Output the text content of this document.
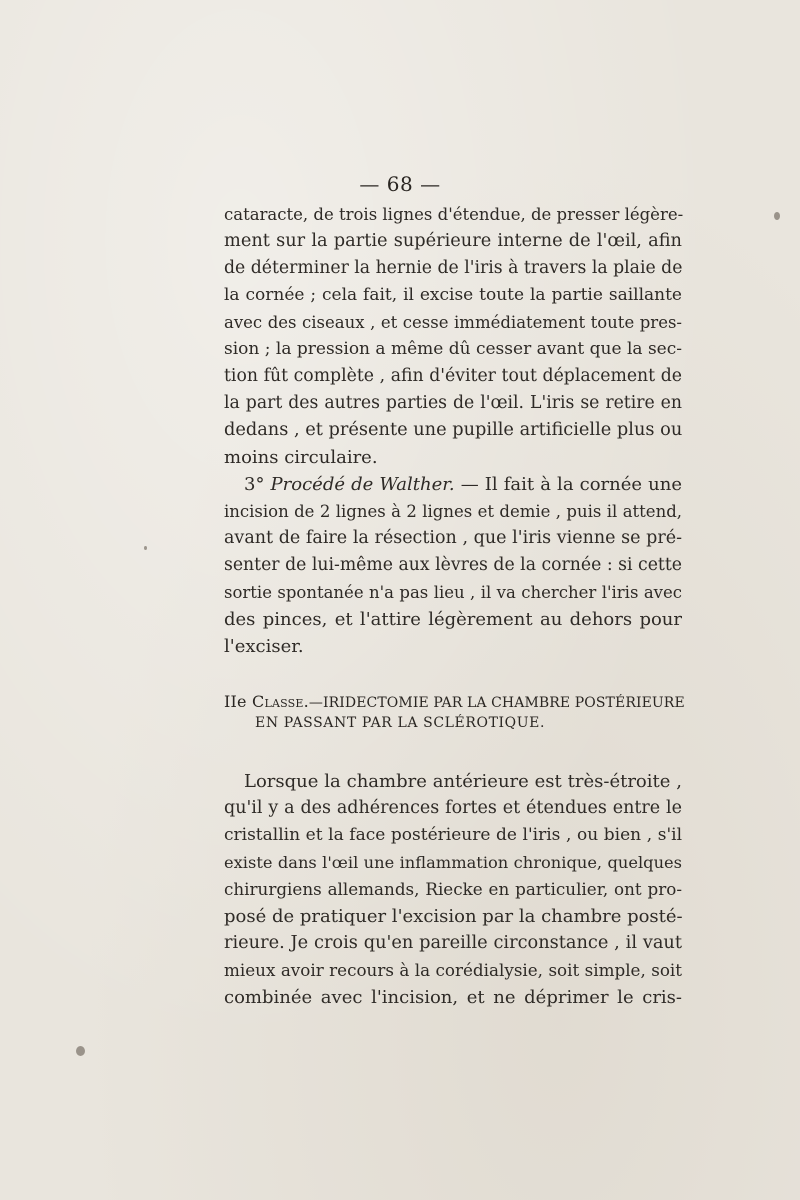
— 68 —
cataracte, de trois lignes d'étendue, de presser légère-
ment sur la partie supérieure interne de l'œil, afin
de déterminer la hernie de l'iris à travers la plaie de
la cornée ; cela fait, il excise toute la partie saillante
avec des ciseaux , et cesse immédiatement toute pres-
sion ; la pression a même dû cesser avant que la sec-
tion fût complète , afin d'éviter tout déplacement de
la part des autres parties de l'œil. L'iris se retire en
dedans , et présente une pupille artificielle plus ou
moins circulaire.
3° Procédé de Walther. — Il fait à la cornée une
incision de 2 lignes à 2 lignes et demie , puis il attend,
avant de faire la résection , que l'iris vienne se pré-
senter de lui-même aux lèvres de la cornée : si cette
sortie spontanée n'a pas lieu , il va chercher l'iris avec
des pinces, et l'attire légèrement au dehors pour
l'exciser.
IIe Classe.—IRIDECTOMIE PAR LA CHAMBRE POSTÉRIEURE
EN PASSANT PAR LA SCLÉROTIQUE.
Lorsque la chambre antérieure est très-étroite ,
qu'il y a des adhérences fortes et étendues entre le
cristallin et la face postérieure de l'iris , ou bien , s'il
existe dans l'œil une inflammation chronique, quelques
chirurgiens allemands, Riecke en particulier, ont pro-
posé de pratiquer l'excision par la chambre posté-
rieure. Je crois qu'en pareille circonstance , il vaut
mieux avoir recours à la corédialysie, soit simple, soit
combinée avec l'incision, et ne déprimer le cris-
